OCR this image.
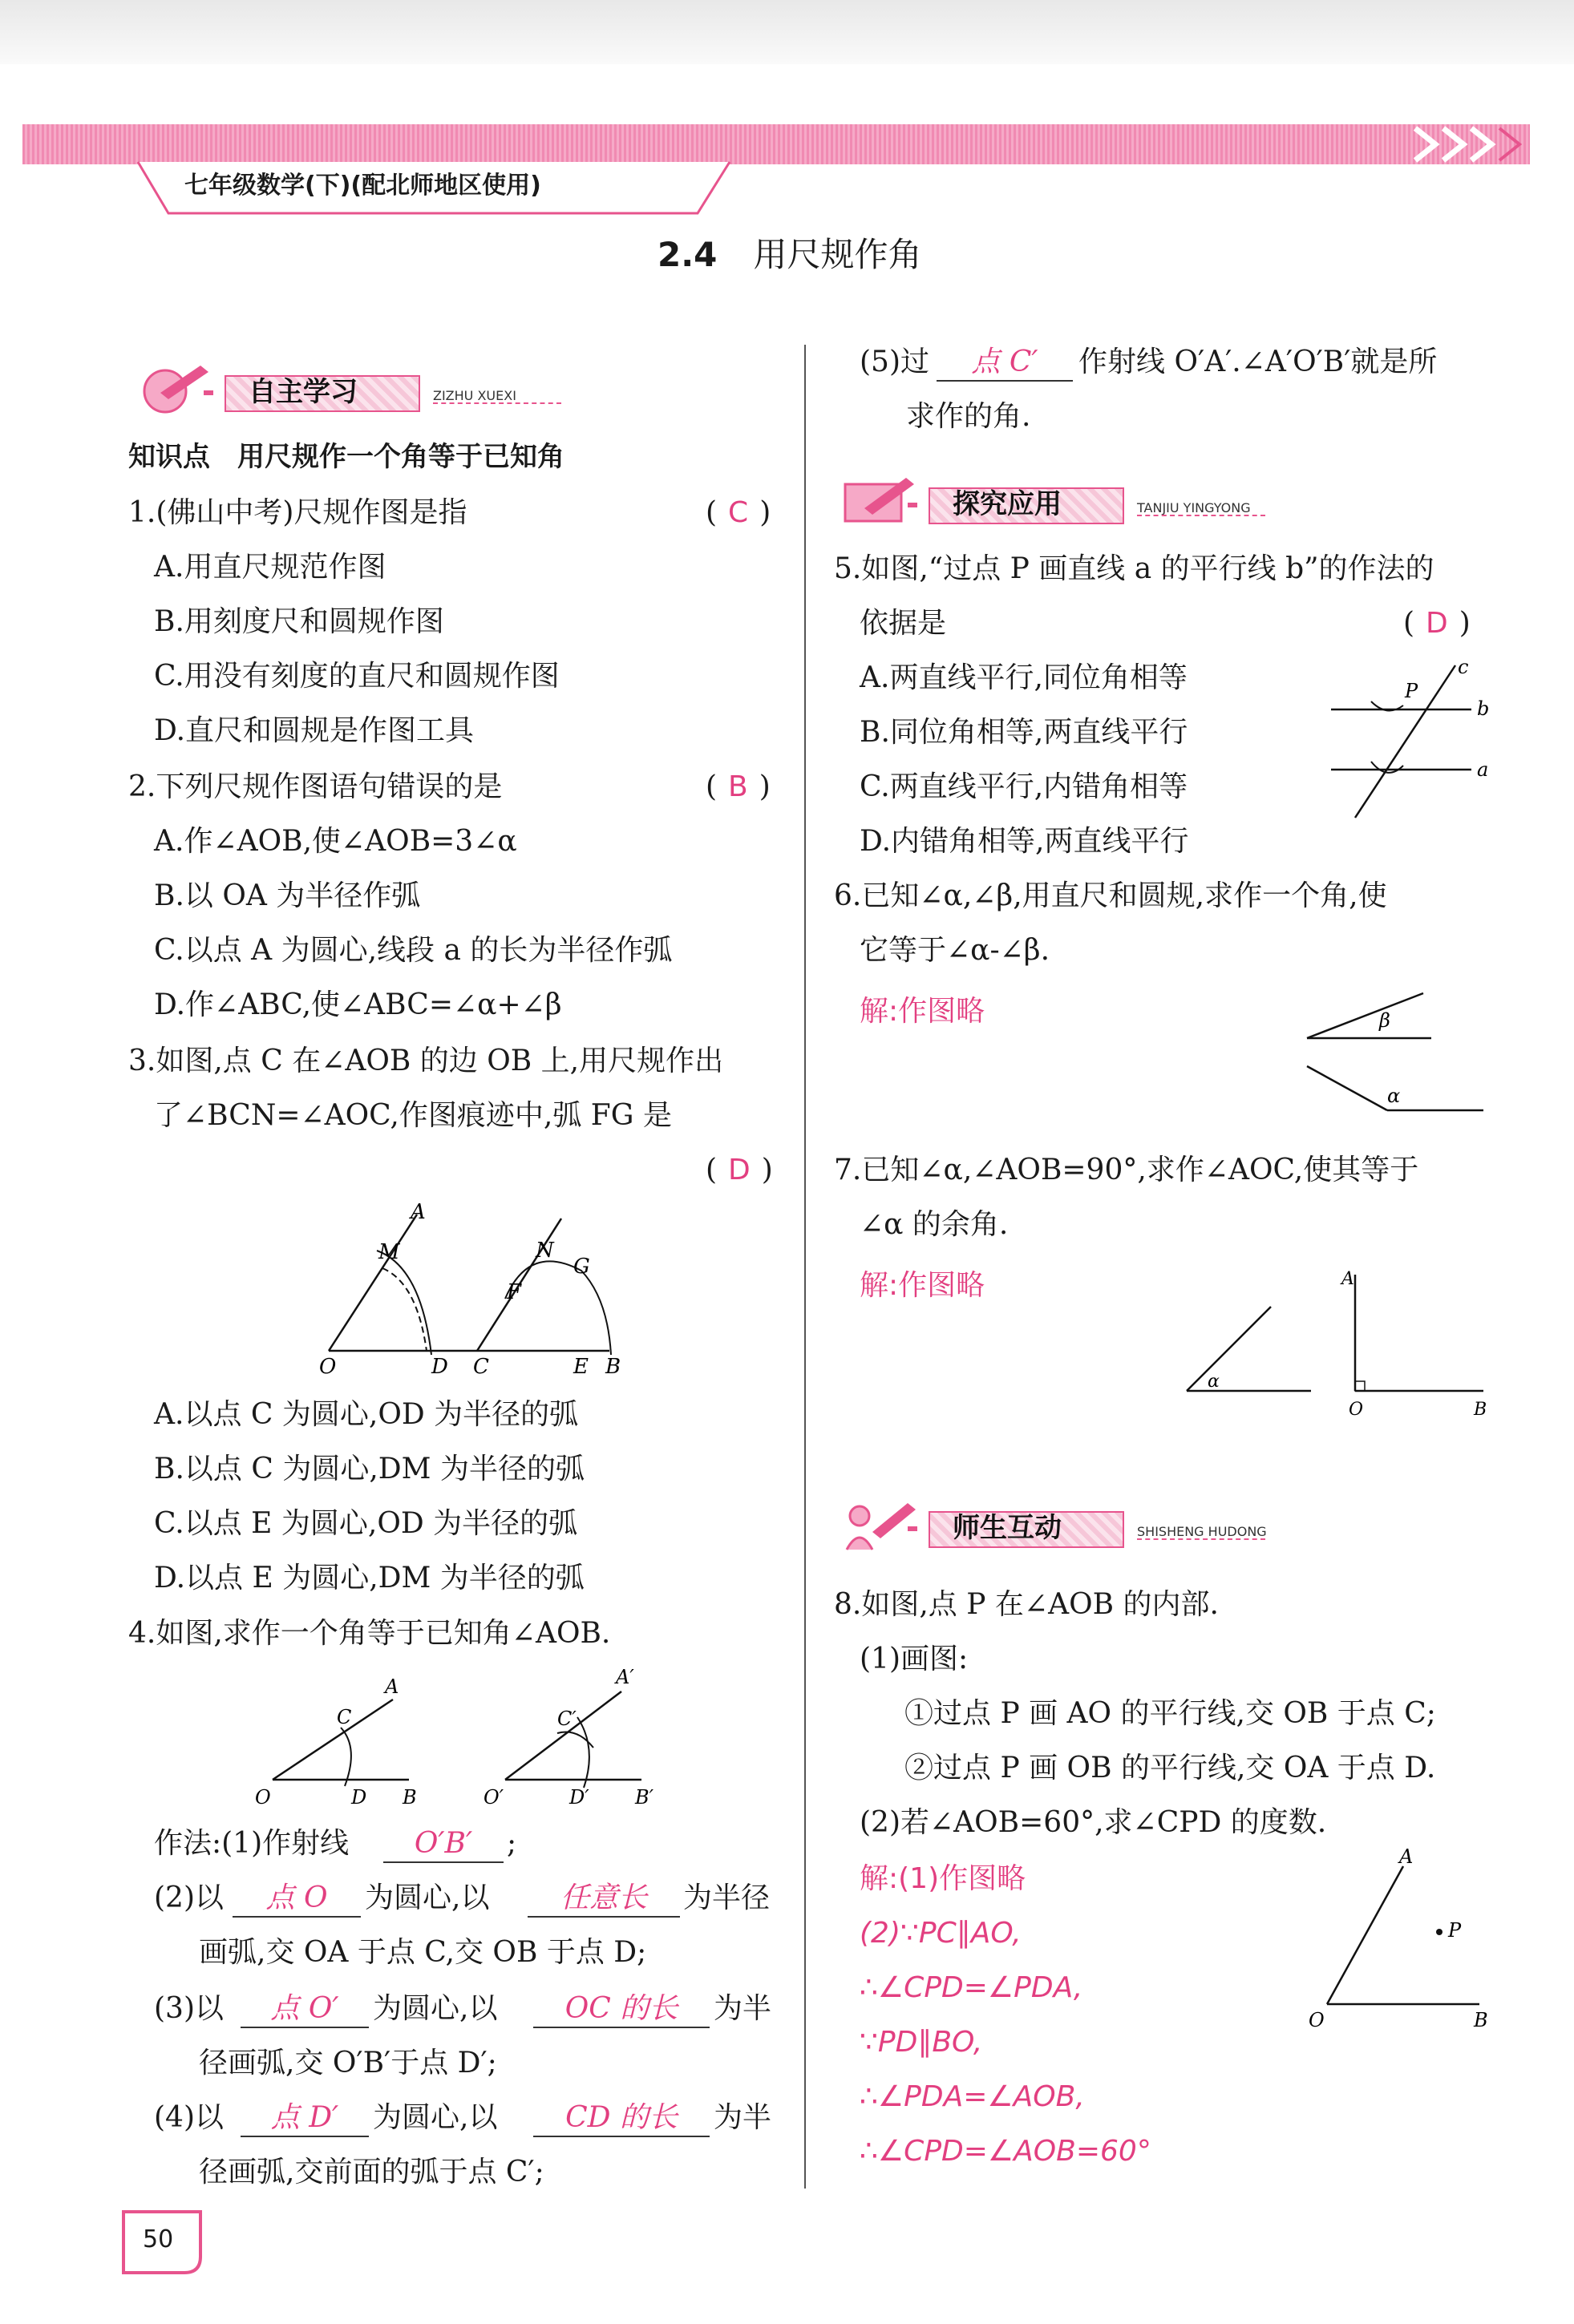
七年级数学(下)(配北师地区使用)
2.4 用尺规作角
自主学习	ZIZHU XUEXI
知识点　用尺规作一个角等于已知角
1.(佛山中考)尺规作图是指	( C )
A.用直尺规范作图
B.用刻度尺和圆规作图
C.用没有刻度的直尺和圆规作图
D.直尺和圆规是作图工具
2.下列尺规作图语句错误的是	( B )
A.作∠AOB,使∠AOB=3∠α
B.以 OA 为半径作弧
C.以点 A 为圆心,线段 a 的长为半径作弧
D.作∠ABC,使∠ABC=∠α+∠β
3.如图,点 C 在∠AOB 的边 OB 上,用尺规作出
了∠BCN=∠AOC,作图痕迹中,弧 FG 是
( D )
A
M
O	D C
N
F
G
E B
A.以点 C 为圆心,OD 为半径的弧
B.以点 C 为圆心,DM 为半径的弧
C.以点 E 为圆心,OD 为半径的弧
D.以点 E 为圆心,DM 为半径的弧
4.如图,求作一个角等于已知角∠AOB.
A
C
O	D B
A′
C′
O′	D′ B′
作法:(1)作射线	O′B′	;
(2)以	点 O	为圆心,以	任意长	为半径
画弧,交 OA 于点 C,交 OB 于点 D;
(3)以	点 O′	为圆心,以	OC 的长	为半
径画弧,交 O′B′于点 D′;
(4)以	点 D′	为圆心,以	CD 的长	为半
径画弧,交前面的弧于点 C′;
50
(5)过	点 C′	作射线 O′A′.∠A′O′B′就是所
求作的角.
探究应用	TANJIU YINGYONG
5.如图,“过点 P 画直线 a 的平行线 b”的作法的
依据是	( D )
A.两直线平行,同位角相等
B.同位角相等,两直线平行
C.两直线平行,内错角相等
D.内错角相等,两直线平行
P
c
b
a
6.已知∠α,∠β,用直尺和圆规,求作一个角,使
它等于∠α-∠β.
解:作图略	β
α
7.已知∠α,∠AOB=90°,求作∠AOC,使其等于
∠α 的余角.
解:作图略
α
A
O	B
师生互动	SHISHENG HUDONG
8.如图,点 P 在∠AOB 的内部.
(1)画图:
①过点 P 画 AO 的平行线,交 OB 于点 C;
②过点 P 画 OB 的平行线,交 OA 于点 D.
(2)若∠AOB=60°,求∠CPD 的度数.
解:(1)作图略
(2)∵PC∥AO,
∴∠CPD=∠PDA,
∵PD∥BO,
∴∠PDA=∠AOB,
∴∠CPD=∠AOB=60°
A
P
O	B
